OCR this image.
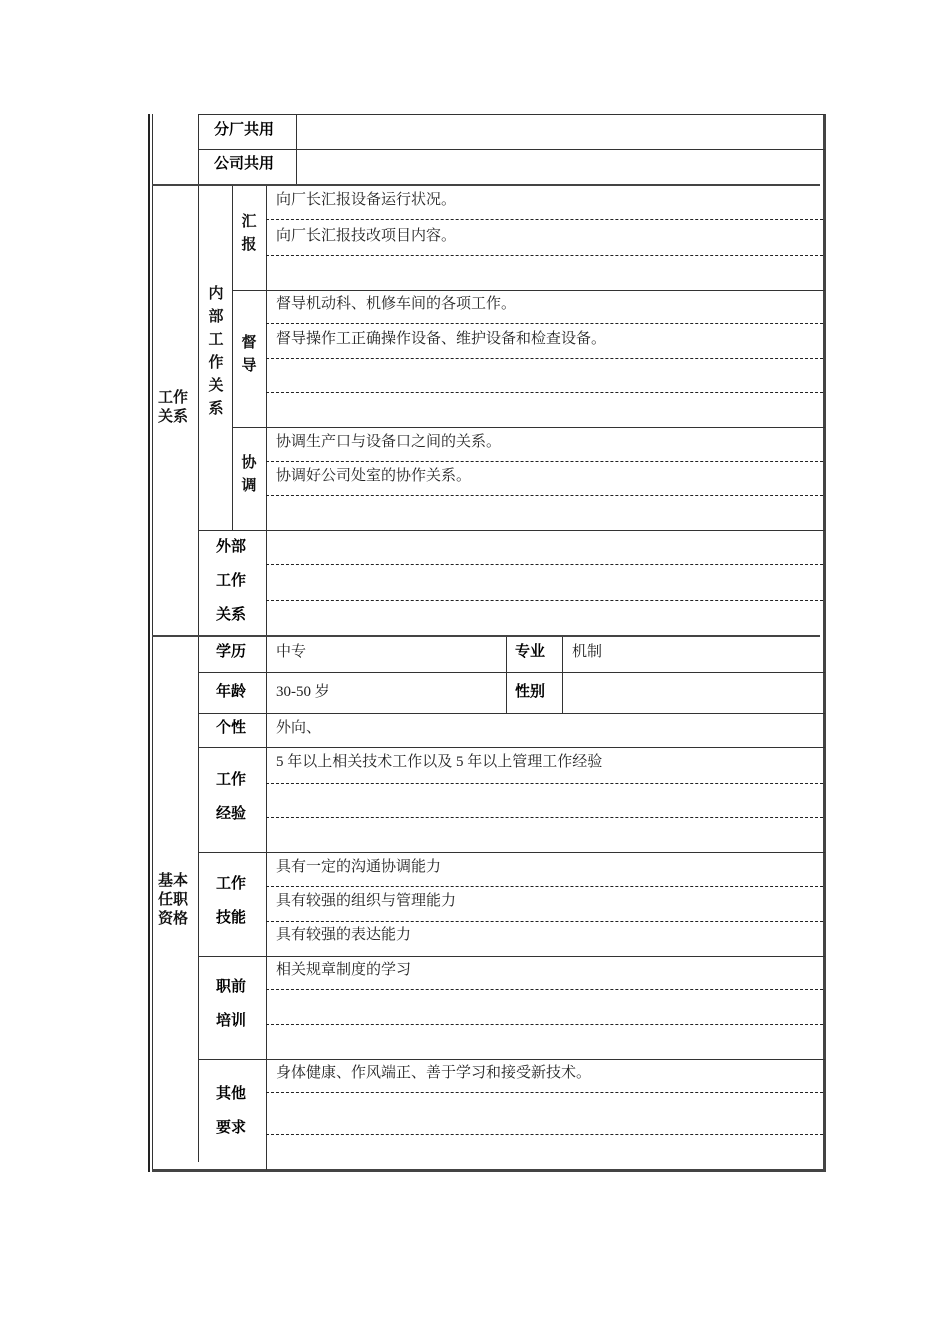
分厂共用
公司共用
工作关系
内部工作关系
汇报
向厂长汇报设备运行状况。
向厂长汇报技改项目内容。
督导
督导机动科、机修车间的各项工作。
督导操作工正确操作设备、维护设备和检查设备。
协调
协调生产口与设备口之间的关系。
协调好公司处室的协作关系。
外部
工作
关系
基本任职资格
学历 中专	专业 机制
年龄 30-50 岁	性别
个性 外向、
工作
经验
5 年以上相关技术工作以及 5 年以上管理工作经验
工作
技能
具有一定的沟通协调能力
具有较强的组织与管理能力
具有较强的表达能力
职前
培训
相关规章制度的学习
其他
要求
身体健康、作风端正、善于学习和接受新技术。
